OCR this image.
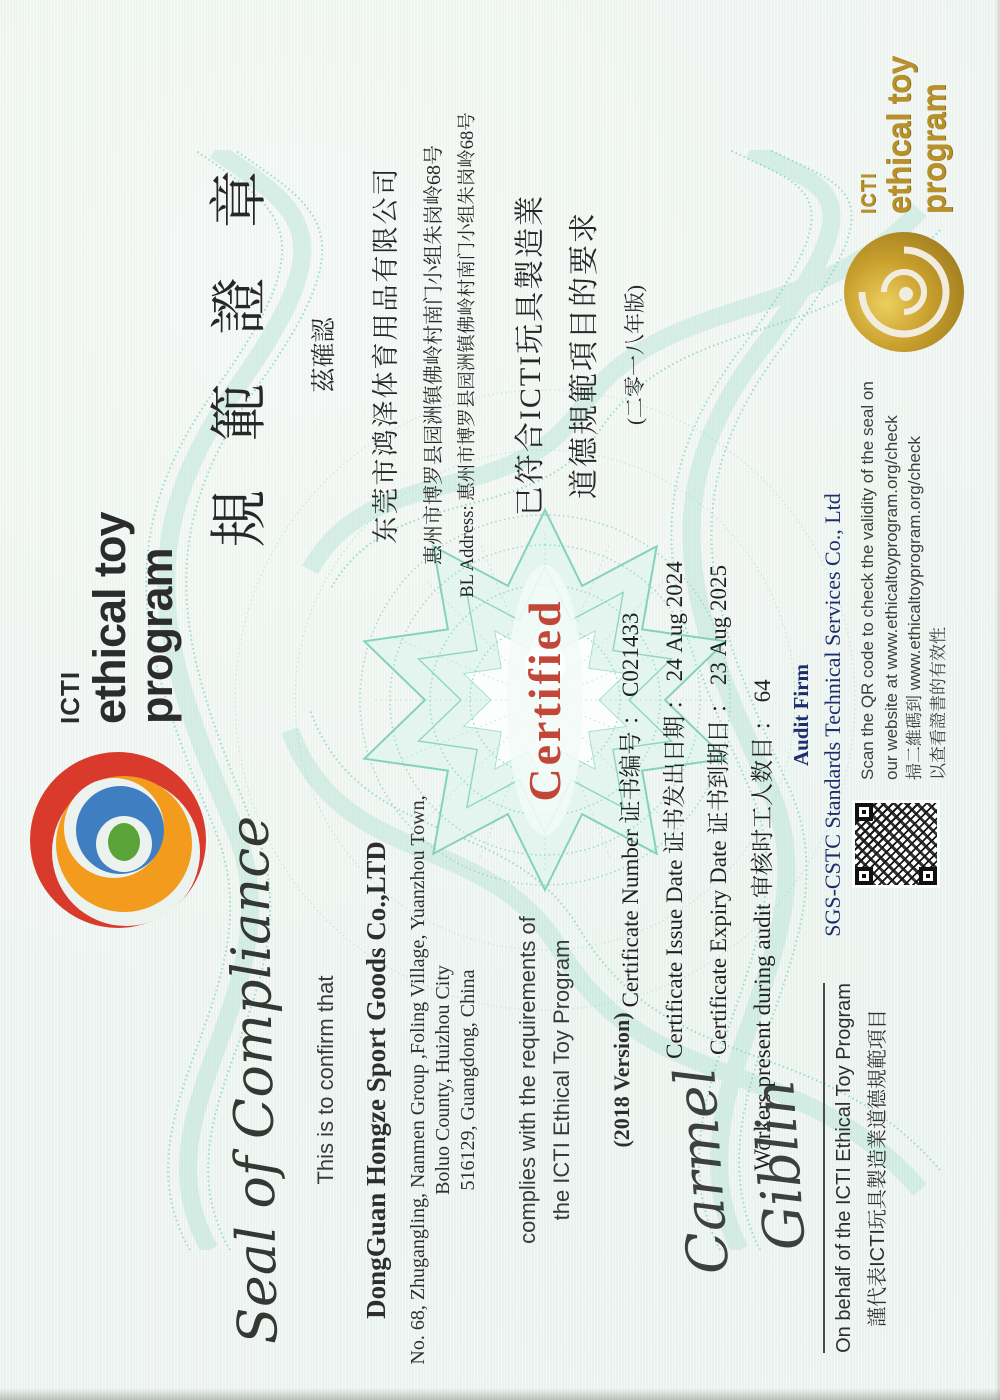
ICTI ethical toy
program
Seal of Compliance This is to confirm that DongGuan Hongze Sport Goods Co.,LTD No. 68, Zhugangling, Nanmen Group ,Foling Village, Yuanzhou Town, Boluo County, Huizhou City 516129, Guangdong, China complies with the requirements of the ICTI Ethical Toy Program (2018 Version)
規 範 證 章 茲確認 东莞市鸿泽体育用品有限公司	惠州市博罗县园洲镇佛岭村南门小组朱岗岭68号 BL Address: 惠州市博罗县园洲镇佛岭村南门小组朱岗岭68号	已符合ICTI玩具製造業 道德規範項目的要求 (二零一八年版)
Certified
Certificate Number 证书编号 ： C021433
Certificate Issue Date 证书发出日期 ： 24 Aug 2024
Certificate Expiry Date 证书到期日 ： 23 Aug 2025
Workers present during audit 审核时工人数目 ： 64 Audit Firm SGS-CSTC Standards Technical Services Co., Ltd
Carmel Giblin On behalf of the ICTI Ethical Toy Program 謹代表ICTI玩具製造業道德規範項目
Scan the QR code to check the validity of the seal on our website at www.ethicaltoyprogram.org/check 掃二維碼到 www.ethicaltoyprogram.org/check 以查看證書的有效性
ICTI ethical toy
program
